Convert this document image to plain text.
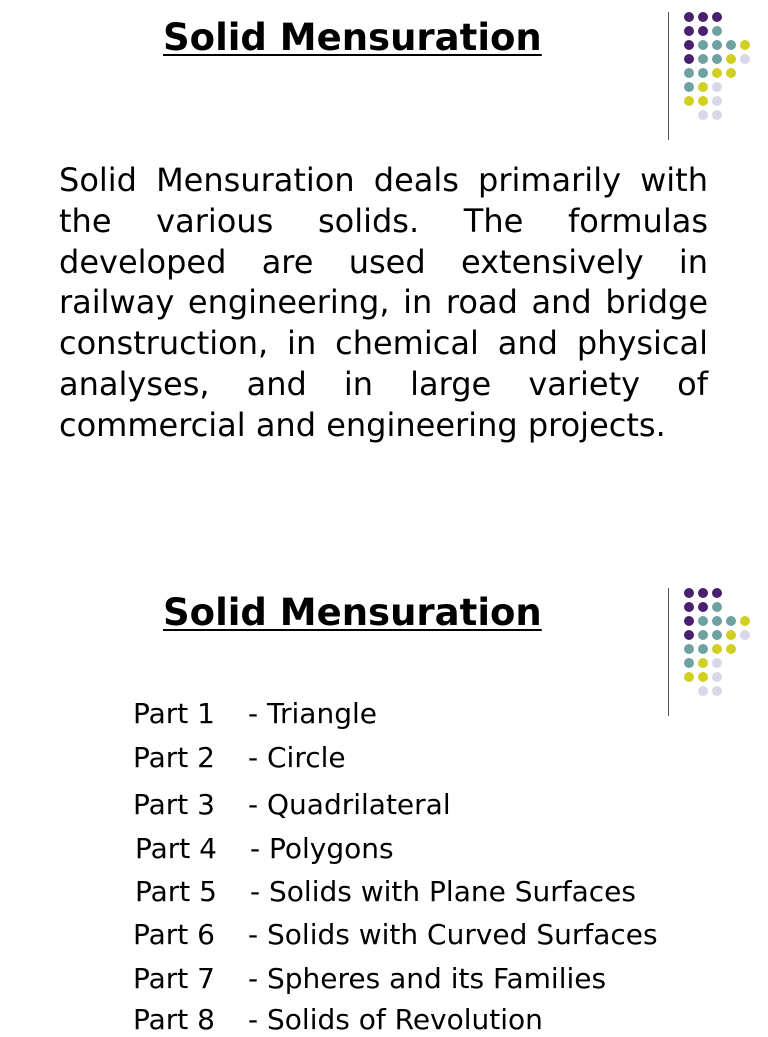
Solid Mensuration

Solid Mensuration deals primarily with the various solids. The formulas developed are used extensively in railway engineering, in road and bridge construction, in chemical and physical analyses, and in large variety of commercial and engineering projects.

Solid Mensuration
Part 1 - Triangle
Part 2 - Circle
Part 3 - Quadrilateral
Part 4 - Polygons
Part 5 - Solids with Plane Surfaces
Part 6 - Solids with Curved Surfaces
Part 7 - Spheres and its Families
Part 8 - Solids of Revolution
